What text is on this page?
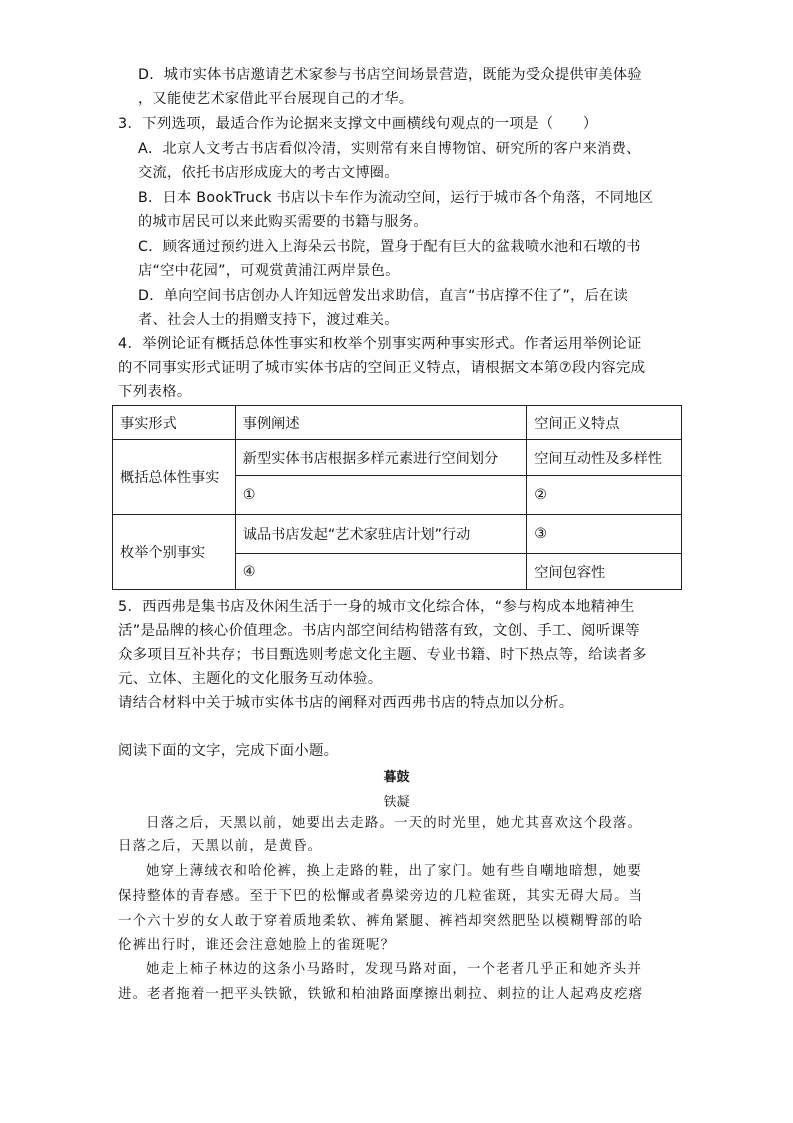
D．城市实体书店邀请艺术家参与书店空间场景营造，既能为受众提供审美体验
，又能使艺术家借此平台展现自己的才华。
3．下列选项，最适合作为论据来支撑文中画横线句观点的一项是（　　）
A．北京人文考古书店看似冷清，实则常有来自博物馆、研究所的客户来消费、
交流，依托书店形成庞大的考古文博圈。
B．日本 BookTruck 书店以卡车作为流动空间，运行于城市各个角落，不同地区
的城市居民可以来此购买需要的书籍与服务。
C．顾客通过预约进入上海朵云书院，置身于配有巨大的盆栽喷水池和石墩的书
店“空中花园”，可观赏黄浦江两岸景色。
D．单向空间书店创办人许知远曾发出求助信，直言“书店撑不住了”，后在读
者、社会人士的捐赠支持下，渡过难关。
4．举例论证有概括总体性事实和枚举个别事实两种事实形式。作者运用举例论证
的不同事实形式证明了城市实体书店的空间正义特点，请根据文本第⑦段内容完成
下列表格。
事实形式	事例阐述	空间正义特点
概括总体性事实	新型实体书店根据多样元素进行空间划分	空间互动性及多样性
	①	②
枚举个别事实	诚品书店发起“艺术家驻店计划”行动	③
	④	空间包容性
5．西西弗是集书店及休闲生活于一身的城市文化综合体，“参与构成本地精神生
活”是品牌的核心价值理念。书店内部空间结构错落有致，文创、手工、阅听课等
众多项目互补共存；书目甄选则考虑文化主题、专业书籍、时下热点等，给读者多
元、立体、主题化的文化服务互动体验。
请结合材料中关于城市实体书店的阐释对西西弗书店的特点加以分析。
阅读下面的文字，完成下面小题。
暮鼓
铁凝
日落之后，天黑以前，她要出去走路。一天的时光里，她尤其喜欢这个段落。
日落之后，天黑以前，是黄昏。
她穿上薄绒衣和哈伦裤，换上走路的鞋，出了家门。她有些自嘲地暗想，她要
保持整体的青春感。至于下巴的松懈或者鼻梁旁边的几粒雀斑，其实无碍大局。当
一个六十岁的女人敢于穿着质地柔软、裤角紧腿、裤裆却突然肥坠以模糊臀部的哈
伦裤出行时，谁还会注意她脸上的雀斑呢？
她走上柿子林边的这条小马路时，发现马路对面，一个老者几乎正和她齐头并
进。老者拖着一把平头铁锨，铁锨和柏油路面摩擦出刺拉、刺拉的让人起鸡皮疙瘩
